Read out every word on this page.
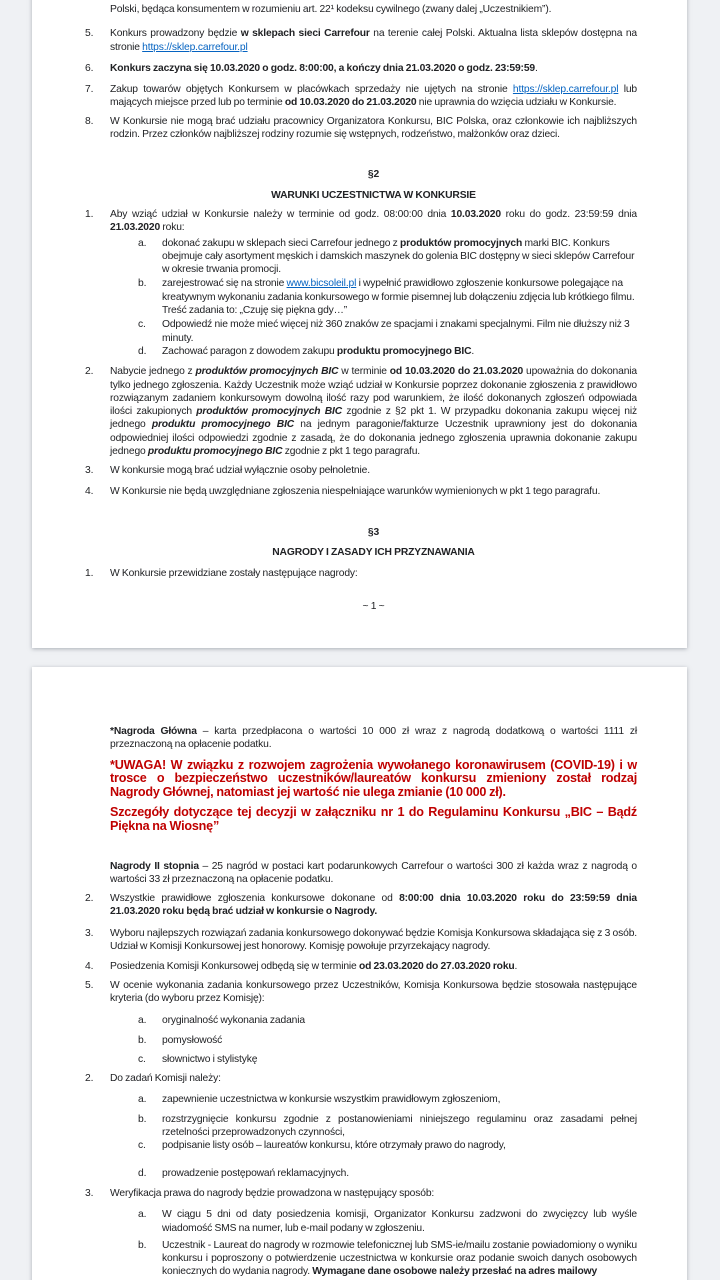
Polski, będąca konsumentem w rozumieniu art. 22¹ kodeksu cywilnego (zwany dalej „Uczestnikiem”).
5. Konkurs prowadzony będzie w sklepach sieci Carrefour na terenie całej Polski. Aktualna lista sklepów dostępna na stronie https://sklep.carrefour.pl
6. Konkurs zaczyna się 10.03.2020 o godz. 8:00:00, a kończy dnia 21.03.2020 o godz. 23:59:59.
7. Zakup towarów objętych Konkursem w placówkach sprzedaży nie ujętych na stronie https://sklep.carrefour.pl lub mających miejsce przed lub po terminie od 10.03.2020 do 21.03.2020 nie uprawnia do wzięcia udziału w Konkursie.
8. W Konkursie nie mogą brać udziału pracownicy Organizatora Konkursu, BIC Polska, oraz członkowie ich najbliższych rodzin. Przez członków najbliższej rodziny rozumie się wstępnych, rodzeństwo, małżonków oraz dzieci.
§2
WARUNKI UCZESTNICTWA W KONKURSIE
1. Aby wziąć udział w Konkursie należy w terminie od godz. 08:00:00 dnia 10.03.2020 roku do godz. 23:59:59 dnia 21.03.2020 roku:
a. dokonać zakupu w sklepach sieci Carrefour jednego z produktów promocyjnych marki BIC. Konkurs obejmuje cały asortyment męskich i damskich maszynek do golenia BIC dostępny w sieci sklepów Carrefour w okresie trwania promocji.
b. zarejestrować się na stronie www.bicsoleil.pl i wypełnić prawidłowo zgłoszenie konkursowe polegające na kreatywnym wykonaniu zadania konkursowego w formie pisemnej lub dołączeniu zdjęcia lub krótkiego filmu. Treść zadania to: „Czuję się piękna gdy…”
c. Odpowiedź nie może mieć więcej niż 360 znaków ze spacjami i znakami specjalnymi. Film nie dłuższy niż 3 minuty.
d. Zachować paragon z dowodem zakupu produktu promocyjnego BIC.
2. Nabycie jednego z produktów promocyjnych BIC w terminie od 10.03.2020 do 21.03.2020 upoważnia do dokonania tylko jednego zgłoszenia. Każdy Uczestnik może wziąć udział w Konkursie poprzez dokonanie zgłoszenia z prawidłowo rozwiązanym zadaniem konkursowym dowolną ilość razy pod warunkiem, że ilość dokonanych zgłoszeń odpowiada ilości zakupionych produktów promocyjnych BIC zgodnie z §2 pkt 1. W przypadku dokonania zakupu więcej niż jednego produktu promocyjnego BIC na jednym paragonie/fakturze Uczestnik uprawniony jest do dokonania odpowiedniej ilości odpowiedzi zgodnie z zasadą, że do dokonania jednego zgłoszenia uprawnia dokonanie zakupu jednego produktu promocyjnego BIC zgodnie z pkt 1 tego paragrafu.
3. W konkursie mogą brać udział wyłącznie osoby pełnoletnie.
4. W Konkursie nie będą uwzględniane zgłoszenia niespełniające warunków wymienionych w pkt 1 tego paragrafu.
§3
NAGRODY I ZASADY ICH PRZYZNAWANIA
1. W Konkursie przewidziane zostały następujące nagrody:
~ 1 ~
*Nagroda Główna – karta przedpłacona o wartości 10 000 zł wraz z nagrodą dodatkową o wartości 1111 zł przeznaczoną na opłacenie podatku.
*UWAGA! W związku z rozwojem zagrożenia wywołanego koronawirusem (COVID-19) i w trosce o bezpieczeństwo uczestników/laureatów konkursu zmieniony został rodzaj Nagrody Głównej, natomiast jej wartość nie ulega zmianie (10 000 zł).
Szczegóły dotyczące tej decyzji w załączniku nr 1 do Regulaminu Konkursu „BIC – Bądź Piękna na Wiosnę”
Nagrody II stopnia – 25 nagród w postaci kart podarunkowych Carrefour o wartości 300 zł każda wraz z nagrodą o wartości 33 zł przeznaczoną na opłacenie podatku.
2. Wszystkie prawidłowe zgłoszenia konkursowe dokonane od 8:00:00 dnia 10.03.2020 roku do 23:59:59 dnia 21.03.2020 roku będą brać udział w konkursie o Nagrody.
3. Wyboru najlepszych rozwiązań zadania konkursowego dokonywać będzie Komisja Konkursowa składająca się z 3 osób. Udział w Komisji Konkursowej jest honorowy. Komisję powołuje przyrzekający nagrody.
4. Posiedzenia Komisji Konkursowej odbędą się w terminie od 23.03.2020 do 27.03.2020 roku.
5. W ocenie wykonania zadania konkursowego przez Uczestników, Komisja Konkursowa będzie stosowała następujące kryteria (do wyboru przez Komisję):
a. oryginalność wykonania zadania
b. pomysłowość
c. słownictwo i stylistykę
2. Do zadań Komisji należy:
a. zapewnienie uczestnictwa w konkursie wszystkim prawidłowym zgłoszeniom,
b. rozstrzygnięcie konkursu zgodnie z postanowieniami niniejszego regulaminu oraz zasadami pełnej rzetelności przeprowadzonych czynności,
c. podpisanie listy osób – laureatów konkursu, które otrzymały prawo do nagrody,
d. prowadzenie postępowań reklamacyjnych.
3. Weryfikacja prawa do nagrody będzie prowadzona w następujący sposób:
a. W ciągu 5 dni od daty posiedzenia komisji, Organizator Konkursu zadzwoni do zwycięzcy lub wyśle wiadomość SMS na numer, lub e-mail podany w zgłoszeniu.
b. Uczestnik - Laureat do nagrody w rozmowie telefonicznej lub SMS-ie/mailu zostanie powiadomiony o wyniku konkursu i poproszony o potwierdzenie uczestnictwa w konkursie oraz podanie swoich danych osobowych koniecznych do wydania nagrody. Wymagane dane osobowe należy przesłać na adres mailowy
